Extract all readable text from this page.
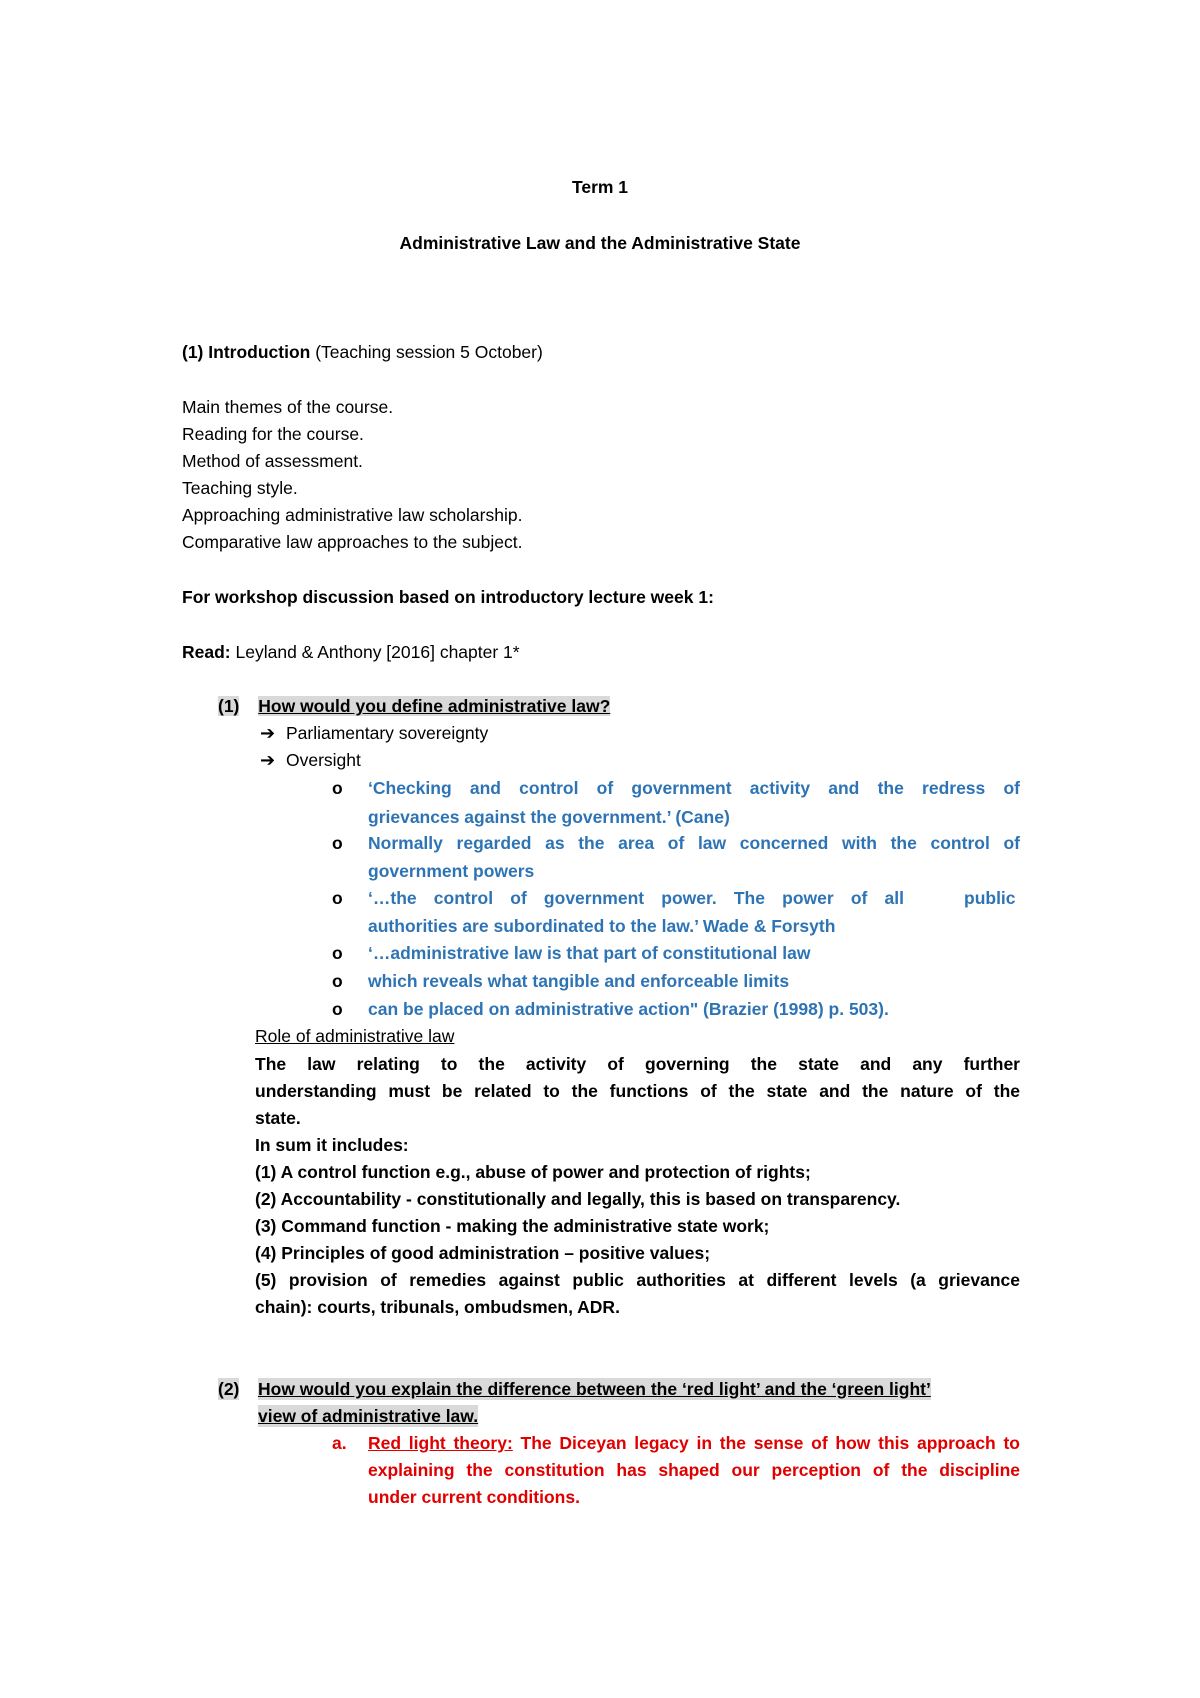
Term 1
Administrative Law and the Administrative State
(1) Introduction (Teaching session 5 October)
Main themes of the course.
Reading for the course.
Method of assessment.
Teaching style.
Approaching administrative law scholarship.
Comparative law approaches to the subject.
For workshop discussion based on introductory lecture week 1:
Read: Leyland & Anthony [2016] chapter 1*
(1) How would you define administrative law?
➔ Parliamentary sovereignty
➔ Oversight
o ‘Checking and control of government activity and the redress of
grievances against the government.’ (Cane)
o Normally regarded as the area of law concerned with the control of
government powers
o ‘…the control of government power. The power of all	public
authorities are subordinated to the law.’ Wade & Forsyth
o ‘…administrative law is that part of constitutional law
o which reveals what tangible and enforceable limits
o can be placed on administrative action" (Brazier (1998) p. 503).
Role of administrative law
The law relating to the activity of governing the state and any further
understanding must be related to the functions of the state and the nature of the
state.
In sum it includes:
(1) A control function e.g., abuse of power and protection of rights;
(2) Accountability - constitutionally and legally, this is based on transparency.
(3) Command function - making the administrative state work;
(4) Principles of good administration – positive values;
(5) provision of remedies against public authorities at different levels (a grievance
chain): courts, tribunals, ombudsmen, ADR.
(2) How would you explain the difference between the ‘red light’ and the ‘green light’
view of administrative law.
a. Red light theory: The Diceyan legacy in the sense of how this approach to
explaining the constitution has shaped our perception of the discipline
under current conditions.
